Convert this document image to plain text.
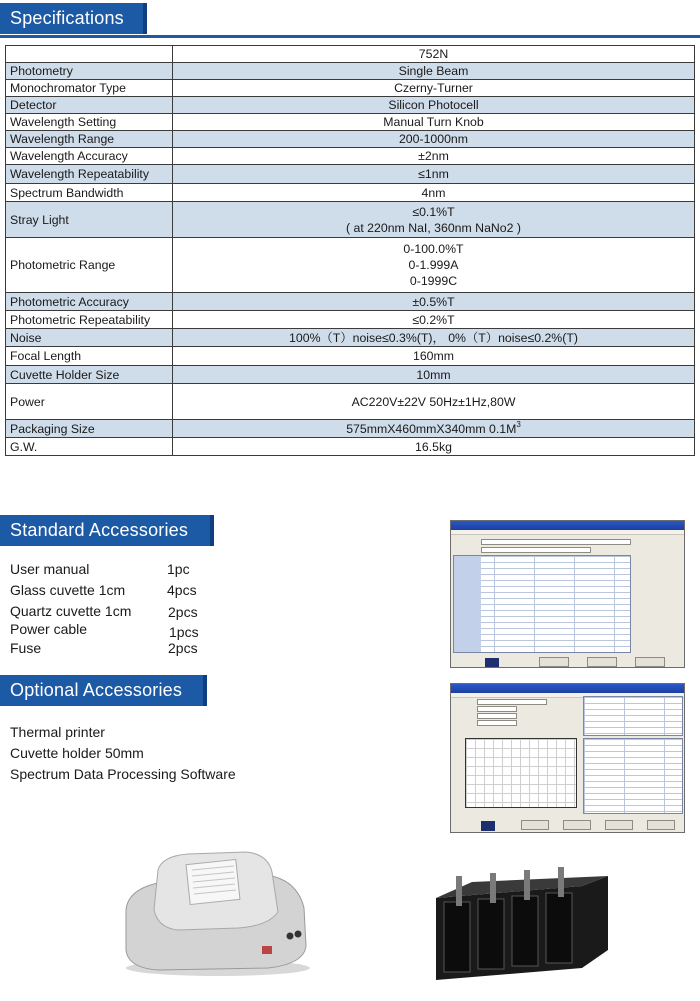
Specifications
	752N
Photometry	Single Beam

Monochromator Type	Czerny-Turner

Detector	Silicon Photocell

Wavelength Setting	Manual Turn Knob

Wavelength Range	200-1000nm

Wavelength Accuracy	±2nm

Wavelength Repeatability	≤1nm

Spectrum Bandwidth	4nm

Stray Light	≤0.1%T
( at 220nm NaI, 360nm NaNo2 )

Photometric Range	0-100.0%T
0-1.999A
0-1999C

Photometric Accuracy	±0.5%T

Photometric Repeatability	≤0.2%T

Noise	100%（T）noise≤0.3%(T)， 0%（T）noise≤0.2%(T)

Focal Length	160mm

Cuvette Holder Size	10mm

Power	AC220V±22V 50Hz±1Hz,80W

Packaging Size	575mmX460mmX340mm $0.1M^3$
G.W.	16.5kg
Standard Accessories
User manual	1pc
Glass cuvette 1cm	4pcs
Quartz cuvette 1cm	2pcs
Power cable	1pcs
Fuse	2pcs
Optional Accessories
Thermal printer
Cuvette holder 50mm
Spectrum Data Processing Software
